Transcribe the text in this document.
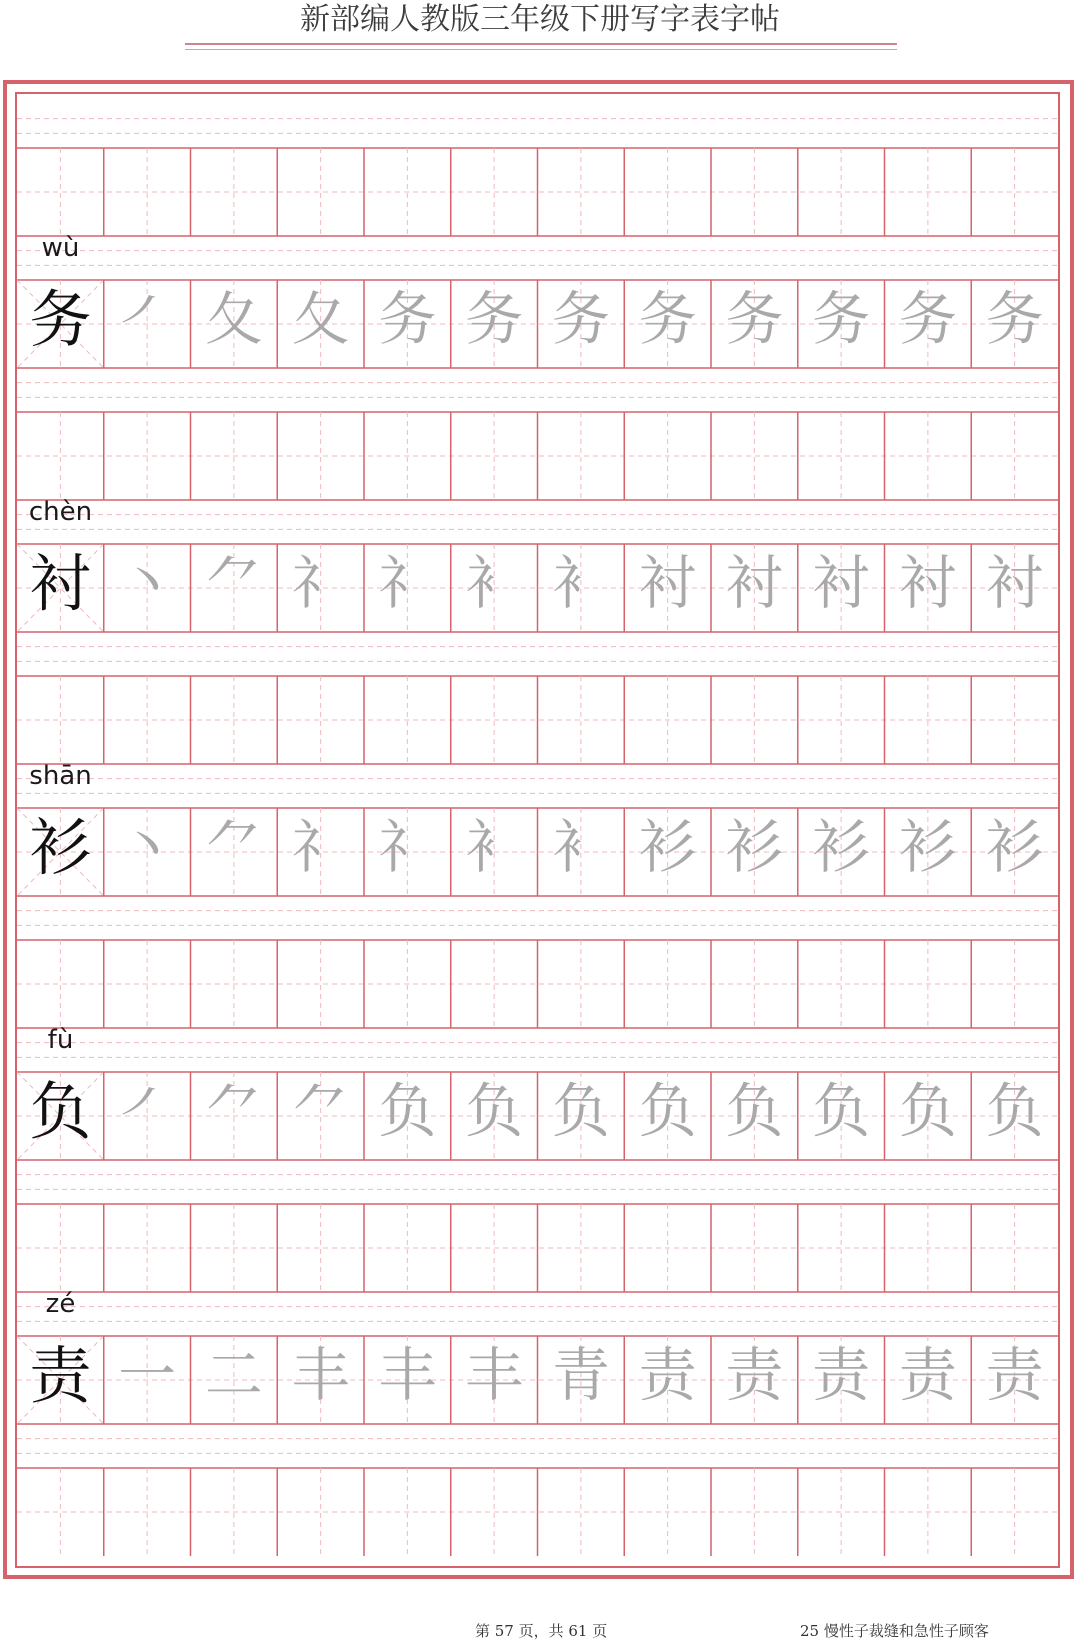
新部编人教版三年级下册写字表字帖
wù
务 ㇒ 夂 夂 务 务 务 务 务 务 务 务
chèn
衬 丶 ⺈ 礻 礻 衤 衤 衬 衬 衬 衬 衬
shān
衫 丶 ⺈ 礻 礻 衤 衤 衫 衫 衫 衫 衫
fù
负 ㇒ ⺈ ⺈ 负 负 负 负 负 负 负 负
zé
责 一 二 丰 丰 丰 青 责 责 责 责 责
第 57 页，共 61 页	25 慢性子裁缝和急性子顾客
